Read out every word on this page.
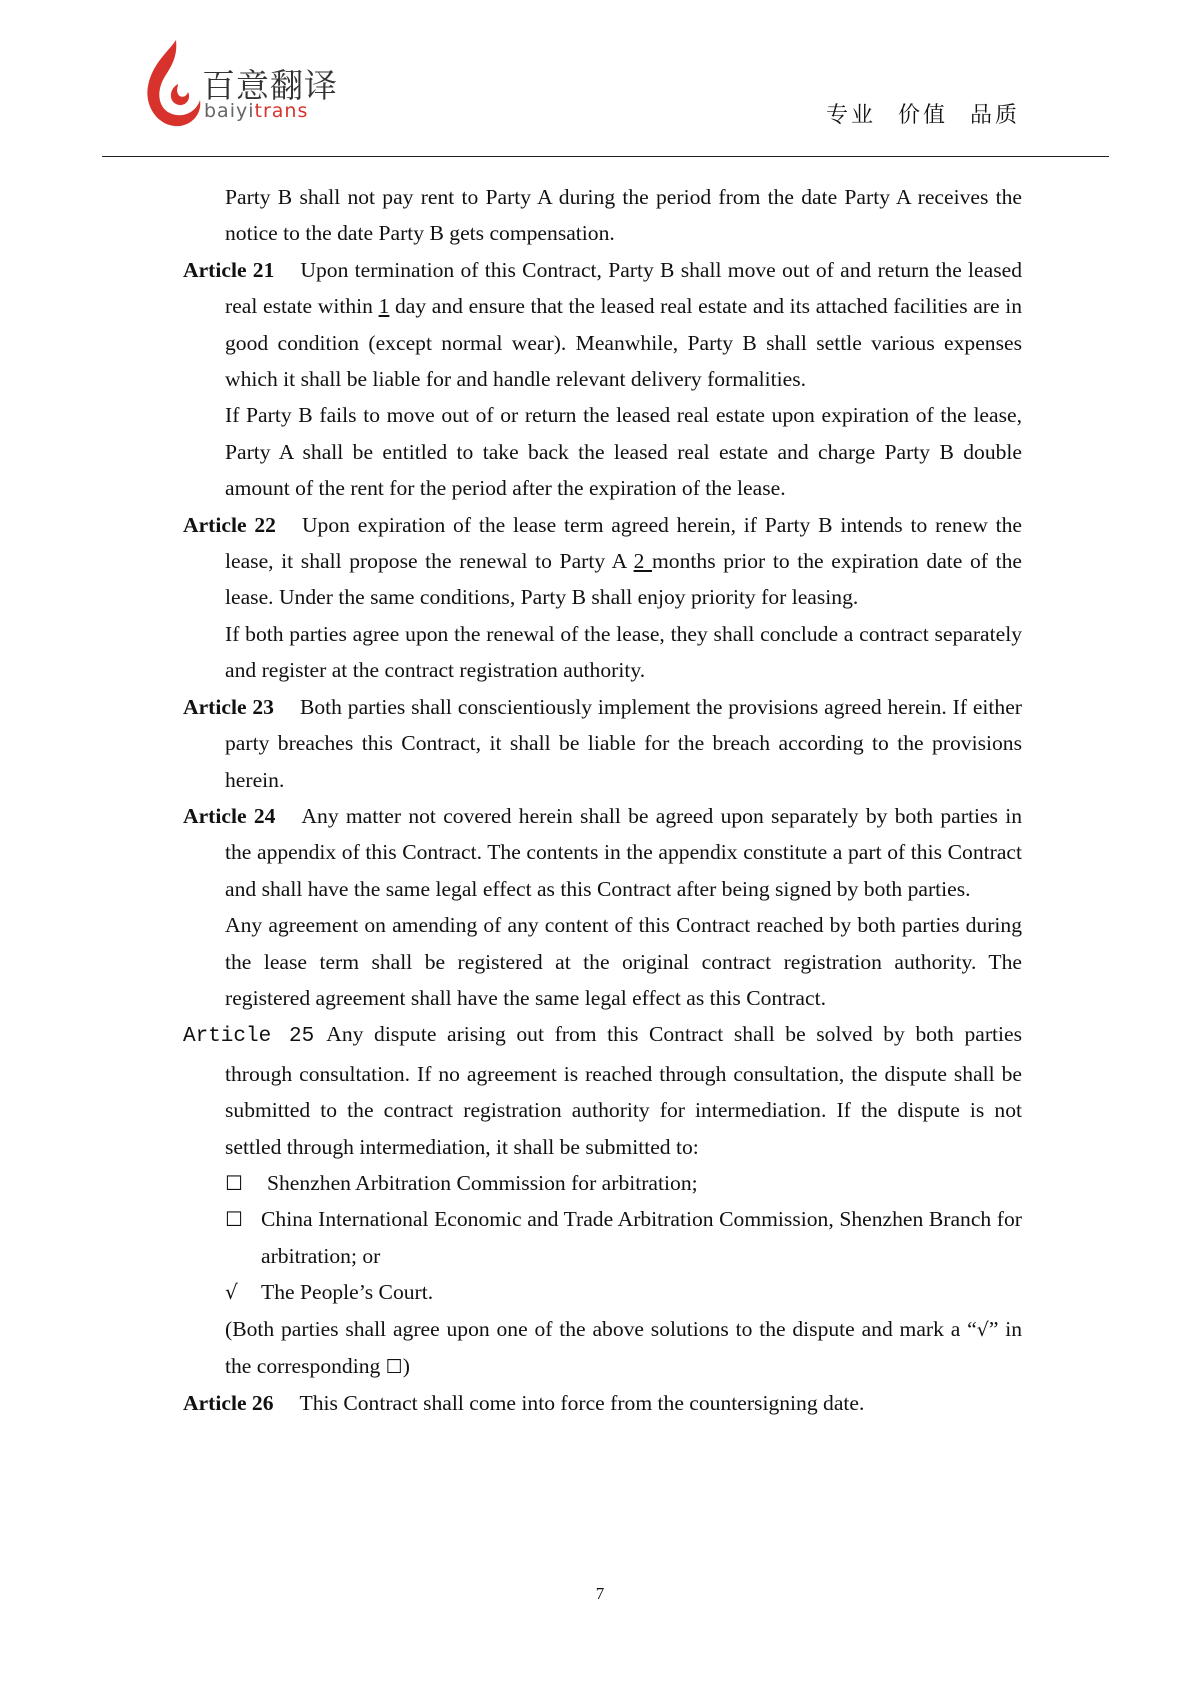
百意翻译
baiyitrans	专业 价值 品质

Party B shall not pay rent to Party A during the period from the date Party A receives the notice to the date Party B gets compensation.

Article 21 Upon termination of this Contract, Party B shall move out of and return the leased real estate within 1 day and ensure that the leased real estate and its attached facilities are in good condition (except normal wear). Meanwhile, Party B shall settle various expenses which it shall be liable for and handle relevant delivery formalities.

If Party B fails to move out of or return the leased real estate upon expiration of the lease, Party A shall be entitled to take back the leased real estate and charge Party B double amount of the rent for the period after the expiration of the lease.

Article 22 Upon expiration of the lease term agreed herein, if Party B intends to renew the lease, it shall propose the renewal to Party A 2 months prior to the expiration date of the lease. Under the same conditions, Party B shall enjoy priority for leasing.

If both parties agree upon the renewal of the lease, they shall conclude a contract separately and register at the contract registration authority.

Article 23 Both parties shall conscientiously implement the provisions agreed herein. If either party breaches this Contract, it shall be liable for the breach according to the provisions herein.

Article 24 Any matter not covered herein shall be agreed upon separately by both parties in the appendix of this Contract. The contents in the appendix constitute a part of this Contract and shall have the same legal effect as this Contract after being signed by both parties.

Any agreement on amending of any content of this Contract reached by both parties during the lease term shall be registered at the original contract registration authority. The registered agreement shall have the same legal effect as this Contract.

Article 25 Any dispute arising out from this Contract shall be solved by both parties through consultation. If no agreement is reached through consultation, the dispute shall be submitted to the contract registration authority for intermediation. If the dispute is not settled through intermediation, it shall be submitted to:

☐	Shenzhen Arbitration Commission for arbitration;
☐ China International Economic and Trade Arbitration Commission, Shenzhen Branch for arbitration; or
√	The People’s Court.

(Both parties shall agree upon one of the above solutions to the dispute and mark a “√” in the corresponding ☐)

Article 26 This Contract shall come into force from the countersigning date.

7
